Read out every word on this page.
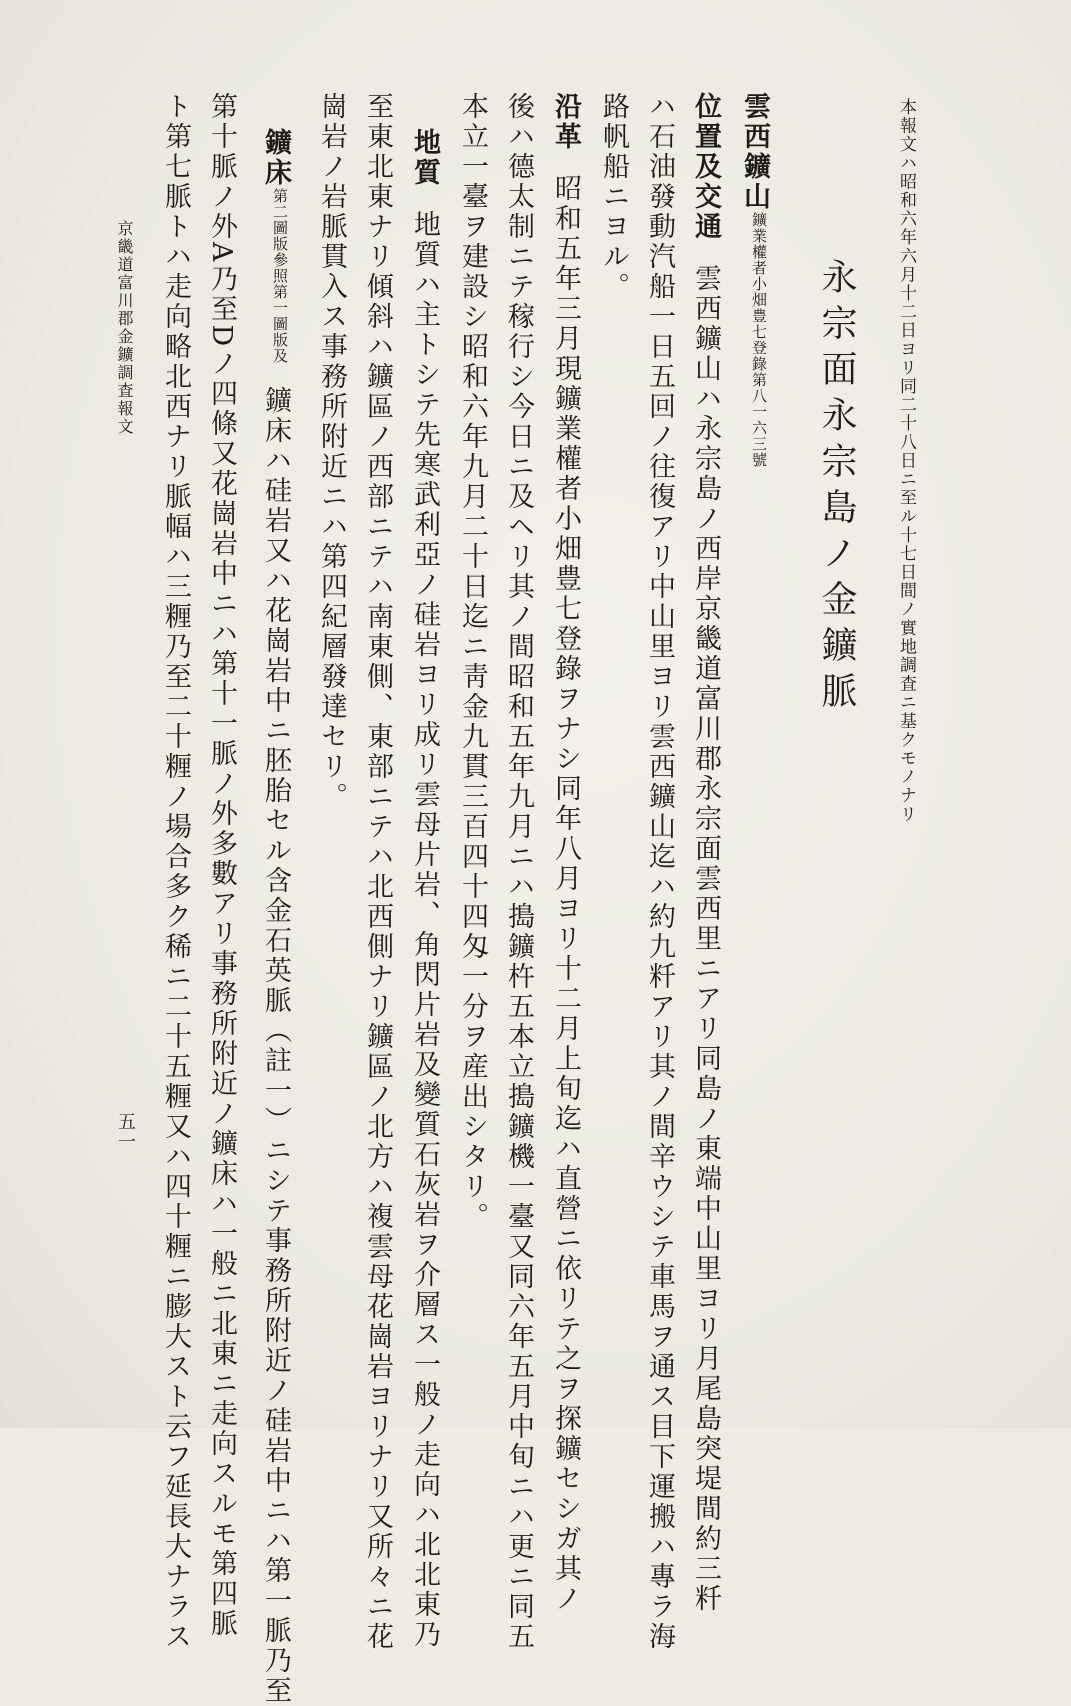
本報文ハ昭和六年六月十二日ヨリ同二十八日ニ至ル十七日間ノ實地調査ニ基クモノナリ
永宗面永宗島ノ金鑛脈
雲西鑛山
登錄第八一六三號
鑛業權者小畑豊七
位置及交通雲西鑛山ハ永宗島ノ西岸京畿道富川郡永宗面雲西里ニアリ同島ノ東端中山里ヨリ月尾島突堤間約三粁
ハ石油發動汽船一日五回ノ往復アリ中山里ヨリ雲西鑛山迄ハ約九粁アリ其ノ間辛ウシテ車馬ヲ通ス目下運搬ハ專ラ海
路帆船ニヨル。
沿革昭和五年三月現鑛業權者小畑豊七登錄ヲナシ同年八月ヨリ十二月上旬迄ハ直營ニ依リテ之ヲ探鑛セシガ其ノ
後ハ德太制ニテ稼行シ今日ニ及ヘリ其ノ間昭和五年九月ニハ搗鑛杵五本立搗鑛機一臺又同六年五月中旬ニハ更ニ同五
本立一臺ヲ建設シ昭和六年九月二十日迄ニ靑金九貫三百四十四匁一分ヲ産出シタリ。
地質地質ハ主トシテ先寒武利亞ノ硅岩ヨリ成リ雲母片岩、角閃片岩及變質石灰岩ヲ介層ス一般ノ走向ハ北北東乃
至東北東ナリ傾斜ハ鑛區ノ西部ニテハ南東側、東部ニテハ北西側ナリ鑛區ノ北方ハ複雲母花崗岩ヨリナリ又所々ニ花
崗岩ノ岩脈貫入ス事務所附近ニハ第四紀層發達セリ。
鑛床
第一圖版及
第二圖版參照
鑛床ハ硅岩又ハ花崗岩中ニ胚胎セル含金石英脈（註一）ニシテ事務所附近ノ硅岩中ニハ第一脈乃至
第十脈ノ外A乃至Dノ四條又花崗岩中ニハ第十一脈ノ外多數アリ事務所附近ノ鑛床ハ一般ニ北東ニ走向スルモ第四脈
ト第七脈トハ走向略北西ナリ脈幅ハ三糎乃至二十糎ノ場合多ク稀ニ二十五糎又ハ四十糎ニ膨大スト云フ延長大ナラス
京畿道富川郡金鑛調査報文
五一
